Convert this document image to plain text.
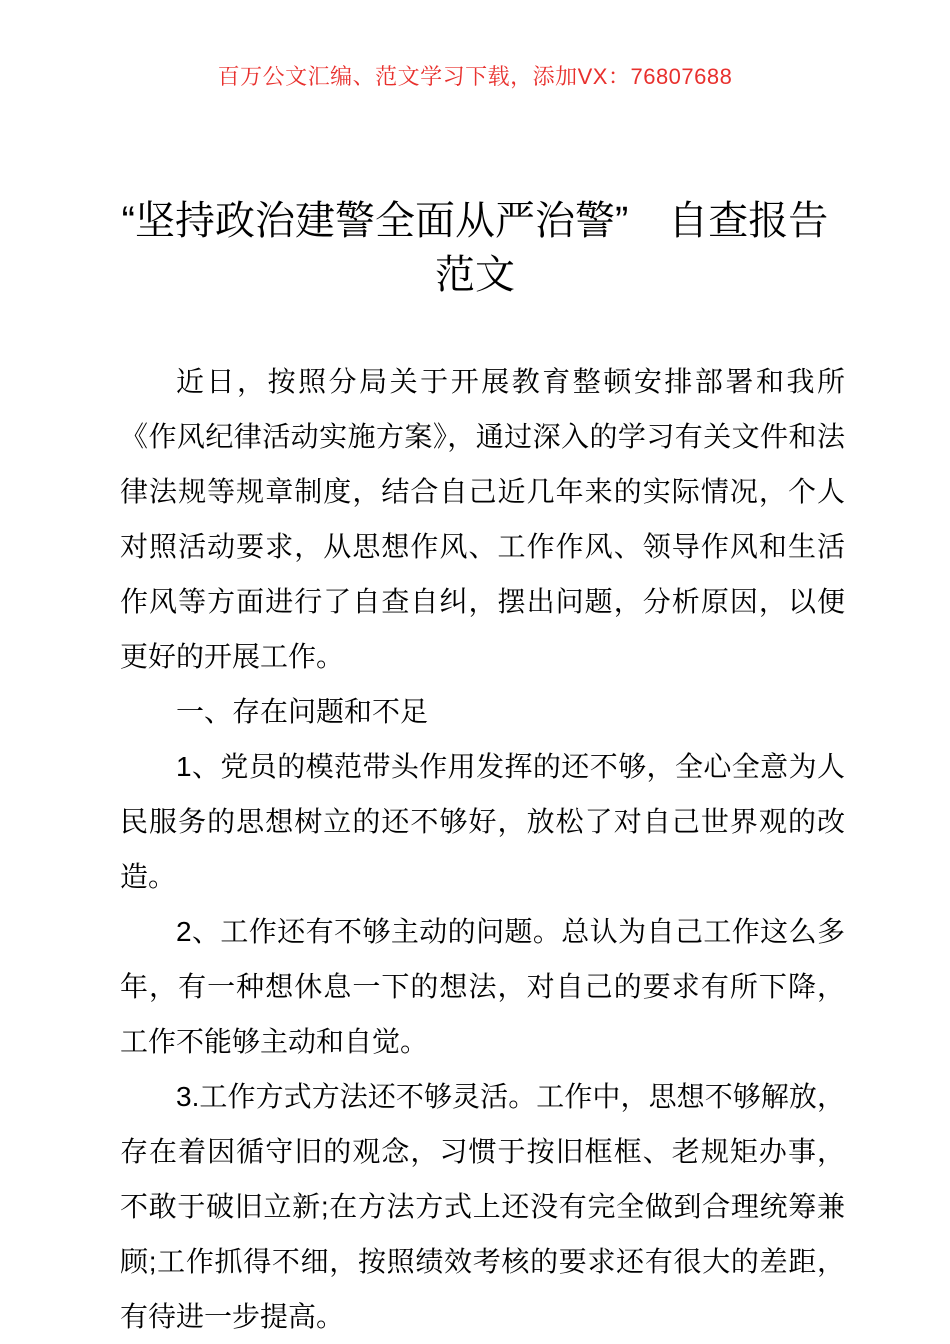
百万公文汇编、范文学习下载，添加VX：76807688
“坚持政治建警全面从严治警”　自查报告范文

近日，按照分局关于开展教育整顿安排部署和我所《作风纪律活动实施方案》，通过深入的学习有关文件和法律法规等规章制度，结合自己近几年来的实际情况，个人对照活动要求，从思想作风、工作作风、领导作风和生活作风等方面进行了自查自纠，摆出问题，分析原因，以便更好的开展工作。

一、存在问题和不足

1、党员的模范带头作用发挥的还不够，全心全意为人民服务的思想树立的还不够好，放松了对自己世界观的改造。

2、工作还有不够主动的问题。总认为自己工作这么多年，有一种想休息一下的想法，对自己的要求有所下降，工作不能够主动和自觉。

3.工作方式方法还不够灵活。工作中，思想不够解放，存在着因循守旧的观念，习惯于按旧框框、老规矩办事，不敢于破旧立新;在方法方式上还没有完全做到合理统筹兼顾;工作抓得不细，按照绩效考核的要求还有很大的差距，有待进一步提高。
